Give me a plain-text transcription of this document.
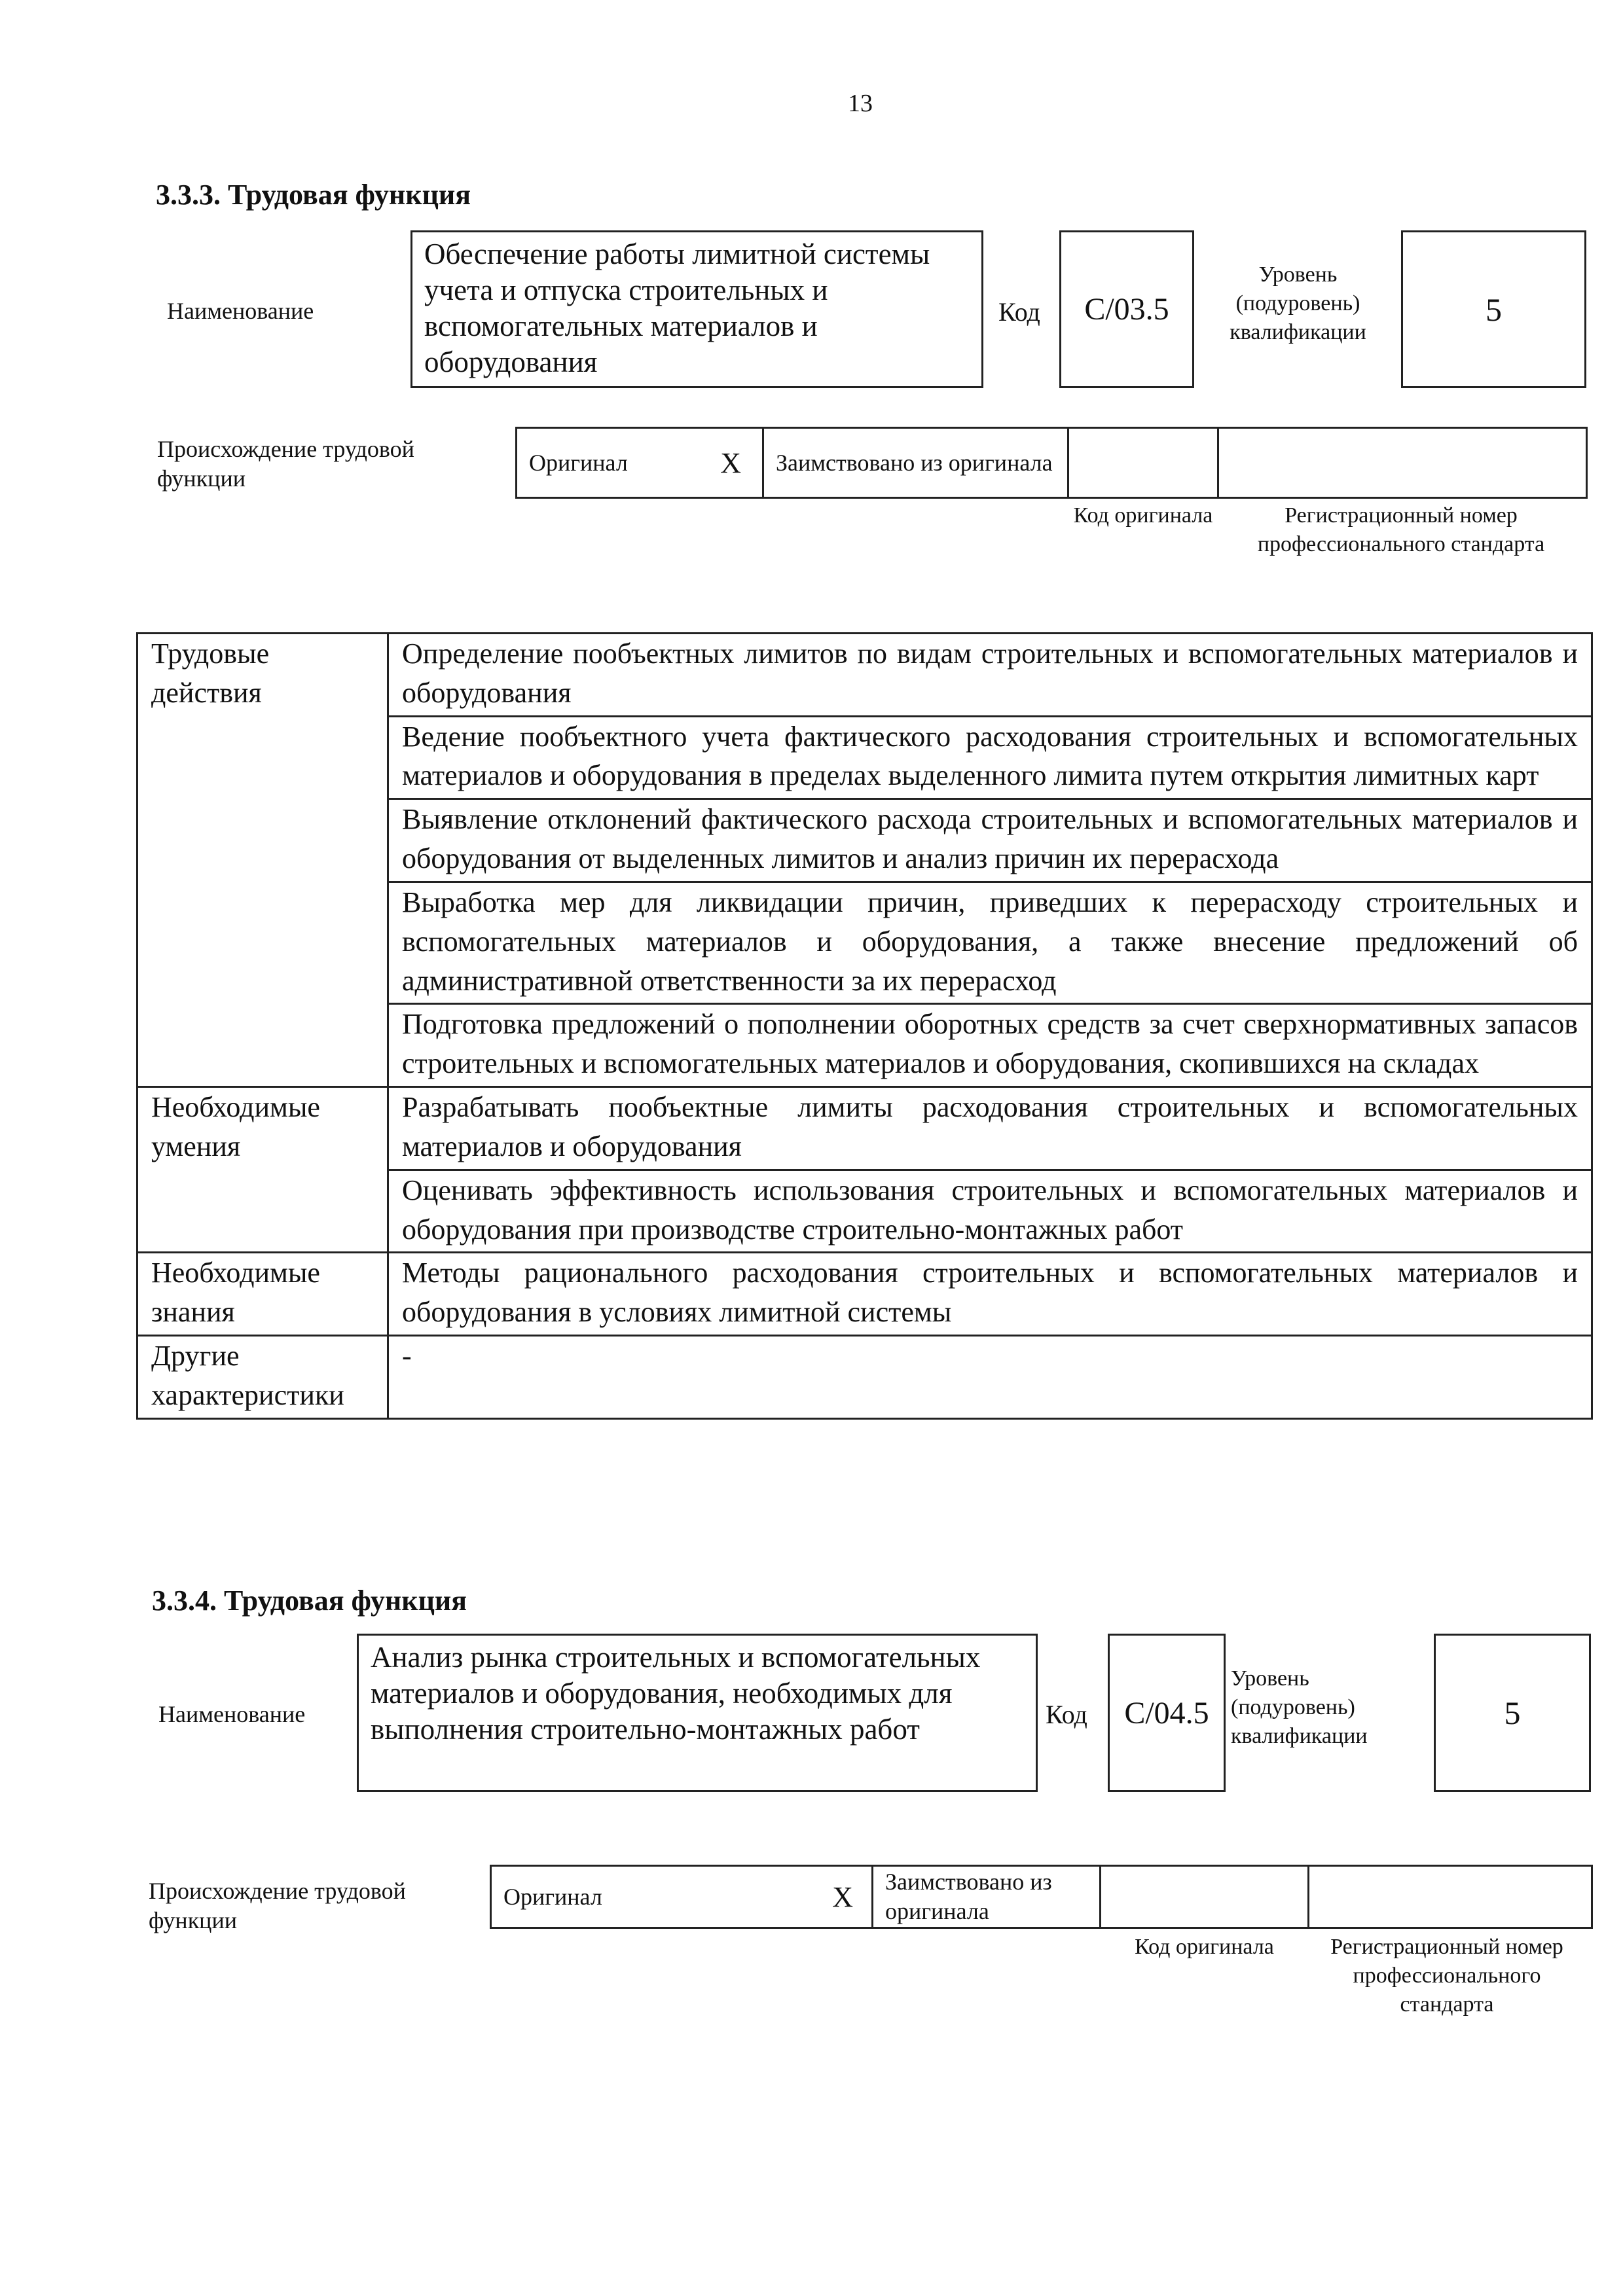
13
3.3.3. Трудовая функция
Наименование
Обеспечение работы лимитной системы учета и отпуска строительных и вспомогательных материалов и оборудования
Код	C/03.5
Уровень (подуровень) квалификации
5
Происхождение трудовой функции
Оригинал	X	Заимствовано из оригинала
Код оригинала	Регистрационный номер профессионального стандарта
Трудовые действия	Определение пообъектных лимитов по видам строительных и вспомогательных материалов и оборудования
	Ведение пообъектного учета фактического расходования строительных и вспомогательных материалов и оборудования в пределах выделенного лимита путем открытия лимитных карт
	Выявление отклонений фактического расхода строительных и вспомогательных материалов и оборудования от выделенных лимитов и анализ причин их перерасхода
	Выработка мер для ликвидации причин, приведших к перерасходу строительных и вспомогательных материалов и оборудования, а также внесение предложений об административной ответственности за их перерасход
	Подготовка предложений о пополнении оборотных средств за счет сверхнормативных запасов строительных и вспомогательных материалов и оборудования, скопившихся на складах
Необходимые умения	Разрабатывать пообъектные лимиты расходования строительных и вспомогательных материалов и оборудования
	Оценивать эффективность использования строительных и вспомогательных материалов и оборудования при производстве строительно-монтажных работ
Необходимые знания	Методы рационального расходования строительных и вспомогательных материалов и оборудования в условиях лимитной системы
Другие характеристики	-
3.3.4. Трудовая функция
Наименование
Анализ рынка строительных и вспомогательных материалов и оборудования, необходимых для выполнения строительно-монтажных работ	Код	C/04.5
Уровень (подуровень) квалификации
5
Происхождение трудовой функции
Оригинал	X	Заимствовано из оригинала
Код оригинала	Регистрационный номер профессионального стандарта
